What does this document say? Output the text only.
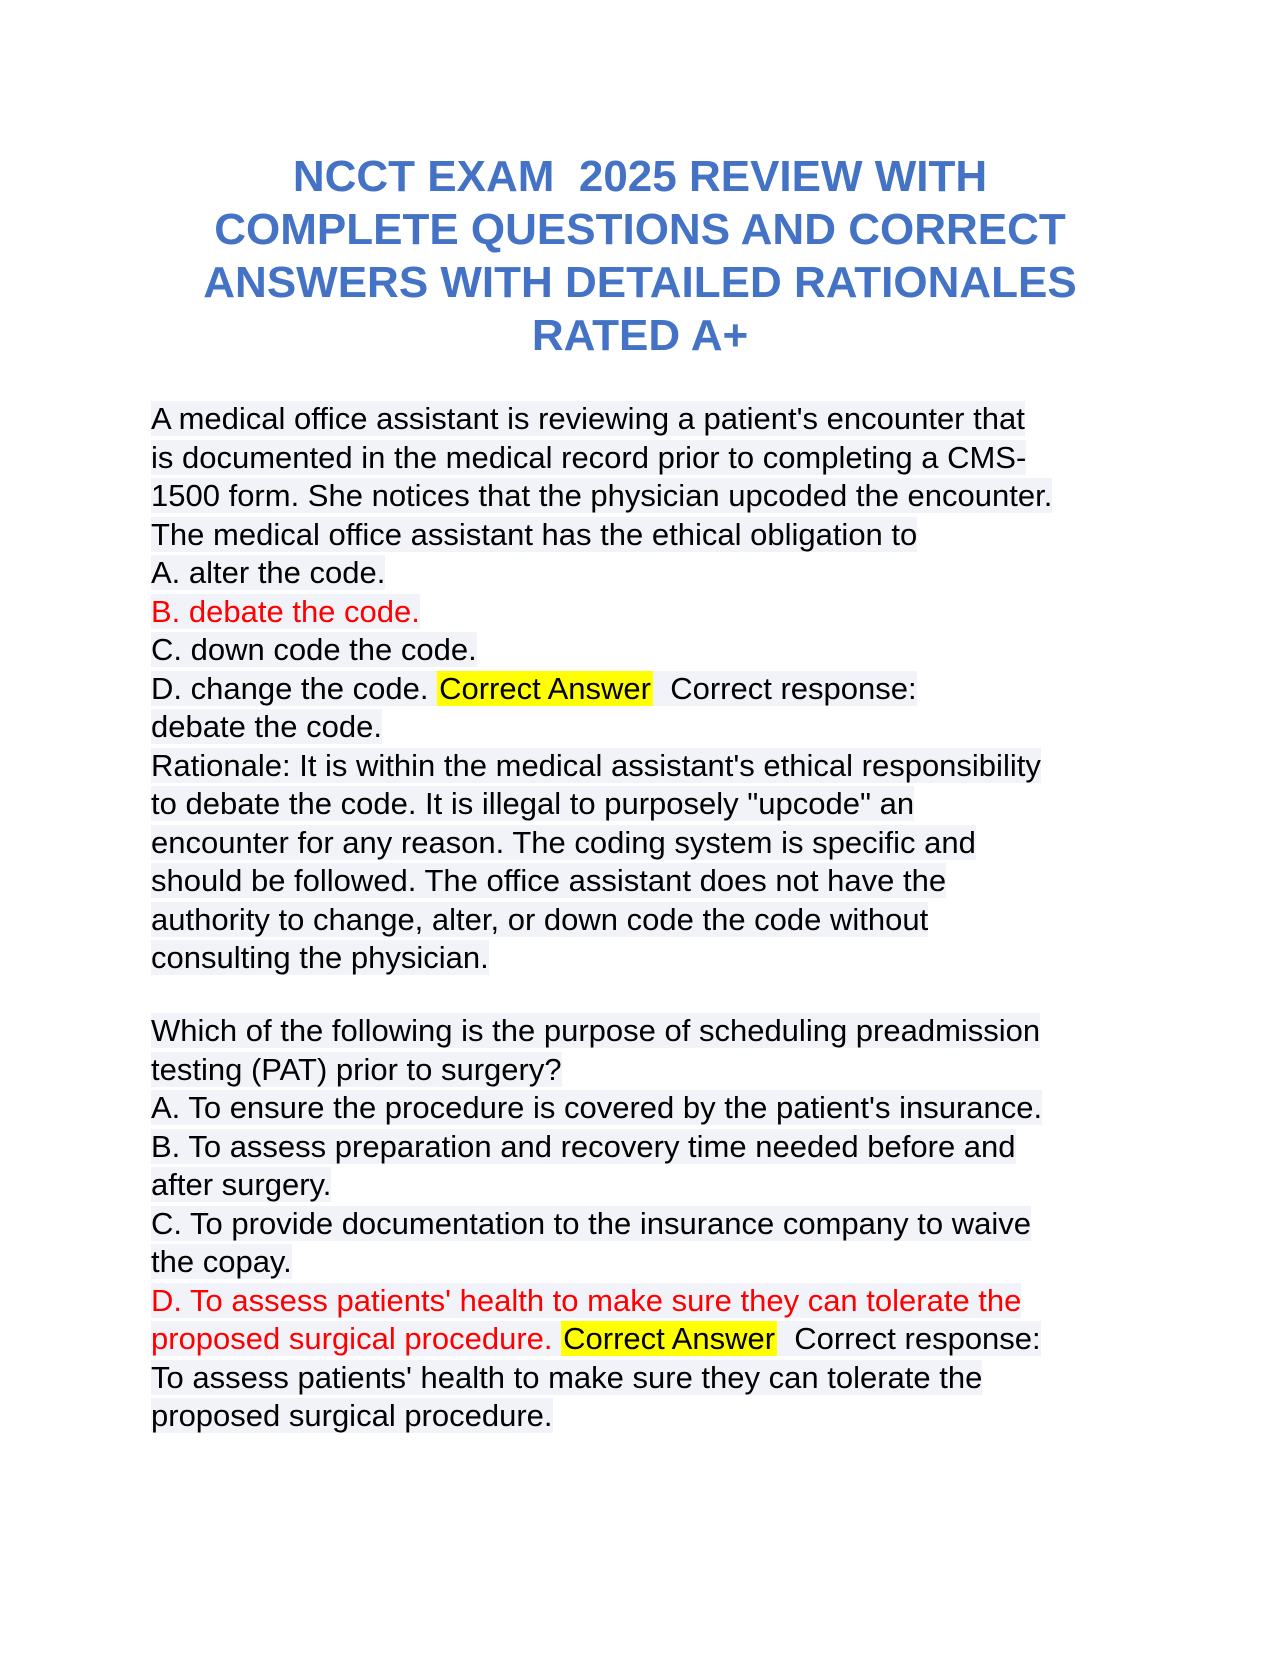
NCCT EXAM  2025 REVIEW WITH
COMPLETE QUESTIONS AND CORRECT
ANSWERS WITH DETAILED RATIONALES
RATED A+
A medical office assistant is reviewing a patient's encounter that
is documented in the medical record prior to completing a CMS-
1500 form. She notices that the physician upcoded the encounter.
The medical office assistant has the ethical obligation to
A. alter the code.
B. debate the code.
C. down code the code.
D. change the code. Correct Answer  Correct response:
debate the code.
Rationale: It is within the medical assistant's ethical responsibility
to debate the code. It is illegal to purposely "upcode" an
encounter for any reason. The coding system is specific and
should be followed. The office assistant does not have the
authority to change, alter, or down code the code without
consulting the physician.
Which of the following is the purpose of scheduling preadmission
testing (PAT) prior to surgery?
A. To ensure the procedure is covered by the patient's insurance.
B. To assess preparation and recovery time needed before and
after surgery.
C. To provide documentation to the insurance company to waive
the copay.
D. To assess patients' health to make sure they can tolerate the
proposed surgical procedure. Correct Answer  Correct response:
To assess patients' health to make sure they can tolerate the
proposed surgical procedure.
